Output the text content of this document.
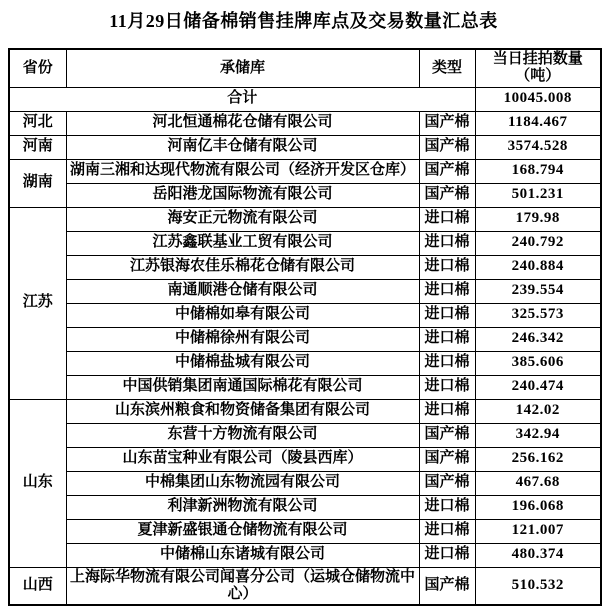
11月29日储备棉销售挂牌库点及交易数量汇总表
省份	承储库	类型	当日挂拍数量（吨）
合计			10045.008
河北	河北恒通棉花仓储有限公司	国产棉	1184.467
河南	河南亿丰仓储有限公司	国产棉	3574.528
湖南	湖南三湘和达现代物流有限公司（经济开发区仓库）	国产棉	168.794
	岳阳港龙国际物流有限公司	国产棉	501.231
江苏	海安正元物流有限公司	进口棉	179.98
	江苏鑫联基业工贸有限公司	进口棉	240.792
	江苏银海农佳乐棉花仓储有限公司	进口棉	240.884
	南通顺港仓储有限公司	进口棉	239.554
	中储棉如皋有限公司	进口棉	325.573
	中储棉徐州有限公司	进口棉	246.342
	中储棉盐城有限公司	进口棉	385.606
	中国供销集团南通国际棉花有限公司	进口棉	240.474
山东	山东滨州粮食和物资储备集团有限公司	进口棉	142.02
	东营十方物流有限公司	国产棉	342.94
	山东苗宝种业有限公司（陵县西库）	国产棉	256.162
	中棉集团山东物流园有限公司	国产棉	467.68
	利津新洲物流有限公司	进口棉	196.068
	夏津新盛银通仓储物流有限公司	进口棉	121.007
	中储棉山东诸城有限公司	进口棉	480.374
山西	上海际华物流有限公司闻喜分公司（运城仓储物流中心）	国产棉	510.532
